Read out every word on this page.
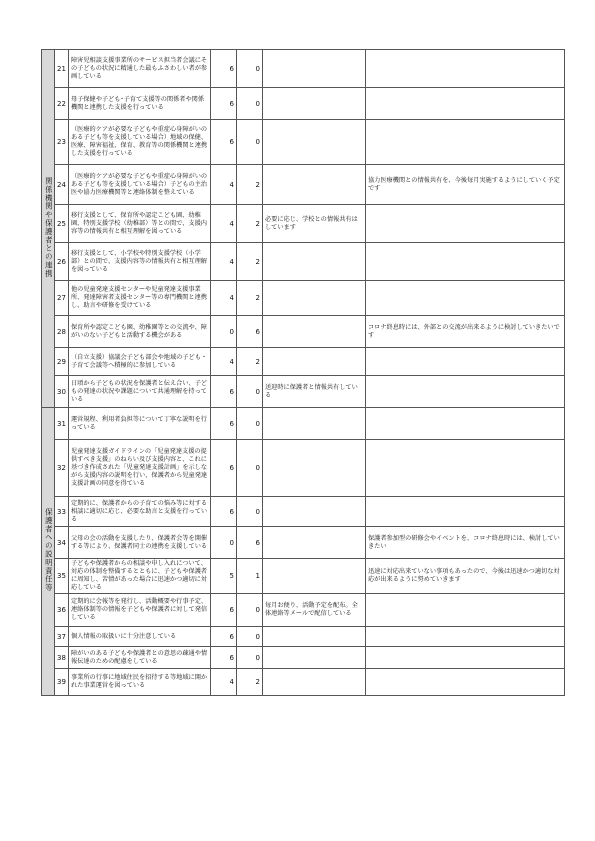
関係機関や保護者との連携	21	障害児相談支援事業所のサービス担当者会議にその子どもの状況に精通した最もふさわしい者が参画している	6	0		
	22	母子保健や子ども･子育て支援等の関係者や関係機関と連携した支援を行っている	6	0		
	23	（医療的ケアが必要な子どもや重症心身障がいのある子ども等を支援している場合）地域の保健、医療、障害福祉、保育、教育等の関係機関と連携した支援を行っている	6	0		
	24	（医療的ケアが必要な子どもや重症心身障がいのある子ども等を支援している場合）子どもの主治医や協力医療機関等と連絡体制を整えている	4	2		協力医療機関との情報共有を、今後毎月実施するようにしていく予定です
	25	移行支援として、保育所や認定こども園、幼稚園、特別支援学校（幼稚部）等との間で、支援内容等の情報共有と相互理解を図っている	4	2	必要に応じ、学校との情報共有はしています	
	26	移行支援として、小学校や特別支援学校（小学部）との間で、支援内容等の情報共有と相互理解を図っている	4	2		
	27	他の児童発達支援センターや児童発達支援事業所、発達障害者支援センター等の専門機関と連携し、助言や研修を受けている	4	2		
	28	保育所や認定こども園、幼稚園等との交流や、障がいのない子どもと活動する機会がある	0	6		コロナ終息時には、外部との交流が出来るように検討していきたいです
	29	（自立支援）協議会子ども部会や地域の子ども・子育て会議等へ積極的に参加している	4	2		
	30	日頃から子どもの状況を保護者と伝え合い、子どもの発達の状況や課題について共通理解を持っている	6	0	送迎時に保護者と情報共有している	
保護者への説明責任等	31	運営規程、利用者負担等について丁寧な説明を行っている	6	0		
	32	児童発達支援ガイドラインの「児童発達支援の提供すべき支援」のねらい及び支援内容と、これに基づき作成された「児童発達支援計画」を示しながら支援内容の説明を行い、保護者から児童発達支援計画の同意を得ている	6	0		
	33	定期的に、保護者からの子育ての悩み等に対する相談に適切に応じ、必要な助言と支援を行っている	6	0		
	34	父母の会の活動を支援したり、保護者会等を開催する等により、保護者同士の連携を支援している	0	6		保護者参加型の研修会やイベントを、コロナ終息時には、検討していきたい
	35	子どもや保護者からの相談や申し入れについて、対応の体制を整備するとともに、子どもや保護者に周知し、苦情があった場合に迅速かつ適切に対応している	5	1		迅速に対応出来ていない事項もあったので、今後は迅速かつ適切な対応が出来るように努めていきます
	36	定期的に会報等を発行し、活動概要や行事予定、連絡体制等の情報を子どもや保護者に対して発信している	6	0	毎月お便り、活動予定を配布。全体連絡等メールで配信している	
	37	個人情報の取扱いに十分注意している	6	0		
	38	障がいのある子どもや保護者との意思の疎通や情報伝達のための配慮をしている	6	0		
	39	事業所の行事に地域住民を招待する等地域に開かれた事業運営を図っている	4	2		
